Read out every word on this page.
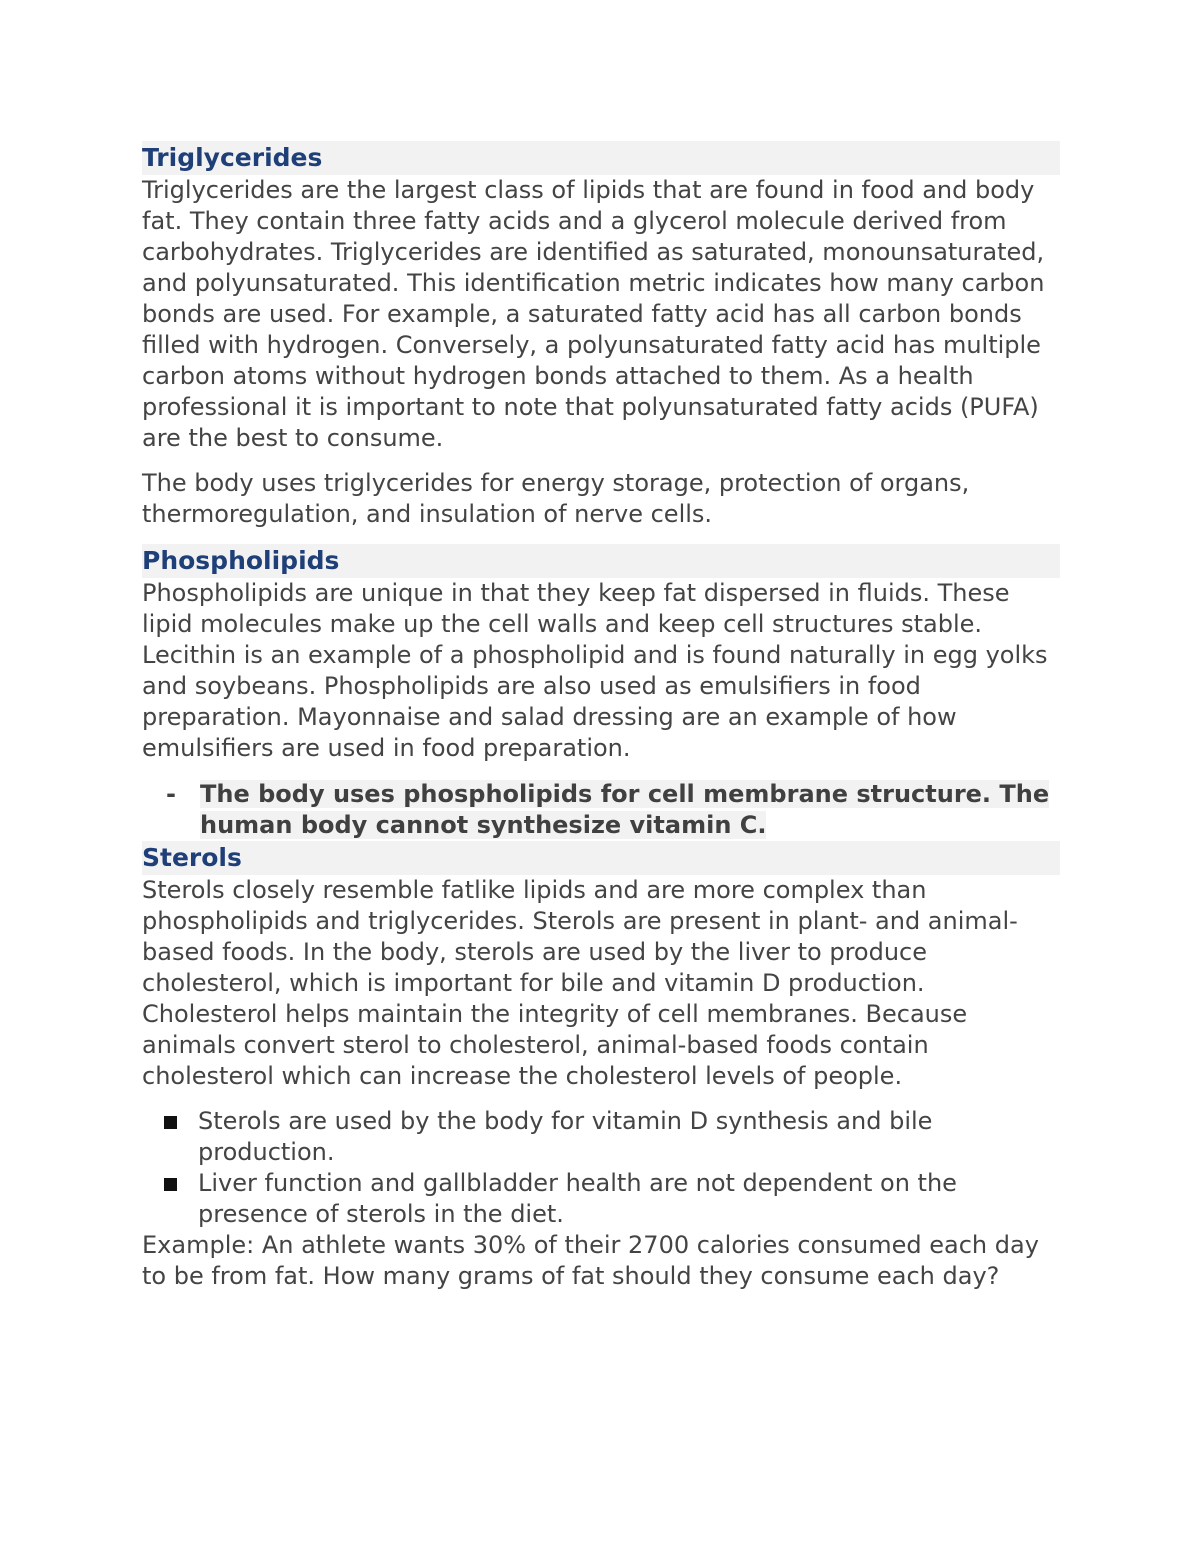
Triglycerides

Triglycerides are the largest class of lipids that are found in food and body fat. They contain three fatty acids and a glycerol molecule derived from carbohydrates. Triglycerides are identified as saturated, monounsaturated, and polyunsaturated. This identification metric indicates how many carbon bonds are used. For example, a saturated fatty acid has all carbon bonds filled with hydrogen. Conversely, a polyunsaturated fatty acid has multiple carbon atoms without hydrogen bonds attached to them. As a health professional it is important to note that polyunsaturated fatty acids (PUFA) are the best to consume.

The body uses triglycerides for energy storage, protection of organs, thermoregulation, and insulation of nerve cells.

Phospholipids

Phospholipids are unique in that they keep fat dispersed in fluids. These lipid molecules make up the cell walls and keep cell structures stable. Lecithin is an example of a phospholipid and is found naturally in egg yolks and soybeans. Phospholipids are also used as emulsifiers in food preparation. Mayonnaise and salad dressing are an example of how emulsifiers are used in food preparation.

- The body uses phospholipids for cell membrane structure. The human body cannot synthesize vitamin C.
Sterols

Sterols closely resemble fatlike lipids and are more complex than phospholipids and triglycerides. Sterols are present in plant- and animal-based foods. In the body, sterols are used by the liver to produce cholesterol, which is important for bile and vitamin D production. Cholesterol helps maintain the integrity of cell membranes. Because animals convert sterol to cholesterol, animal-based foods contain cholesterol which can increase the cholesterol levels of people.

Sterols are used by the body for vitamin D synthesis and bile production.
Liver function and gallbladder health are not dependent on the presence of sterols in the diet.

Example: An athlete wants 30% of their 2700 calories consumed each day to be from fat. How many grams of fat should they consume each day?
